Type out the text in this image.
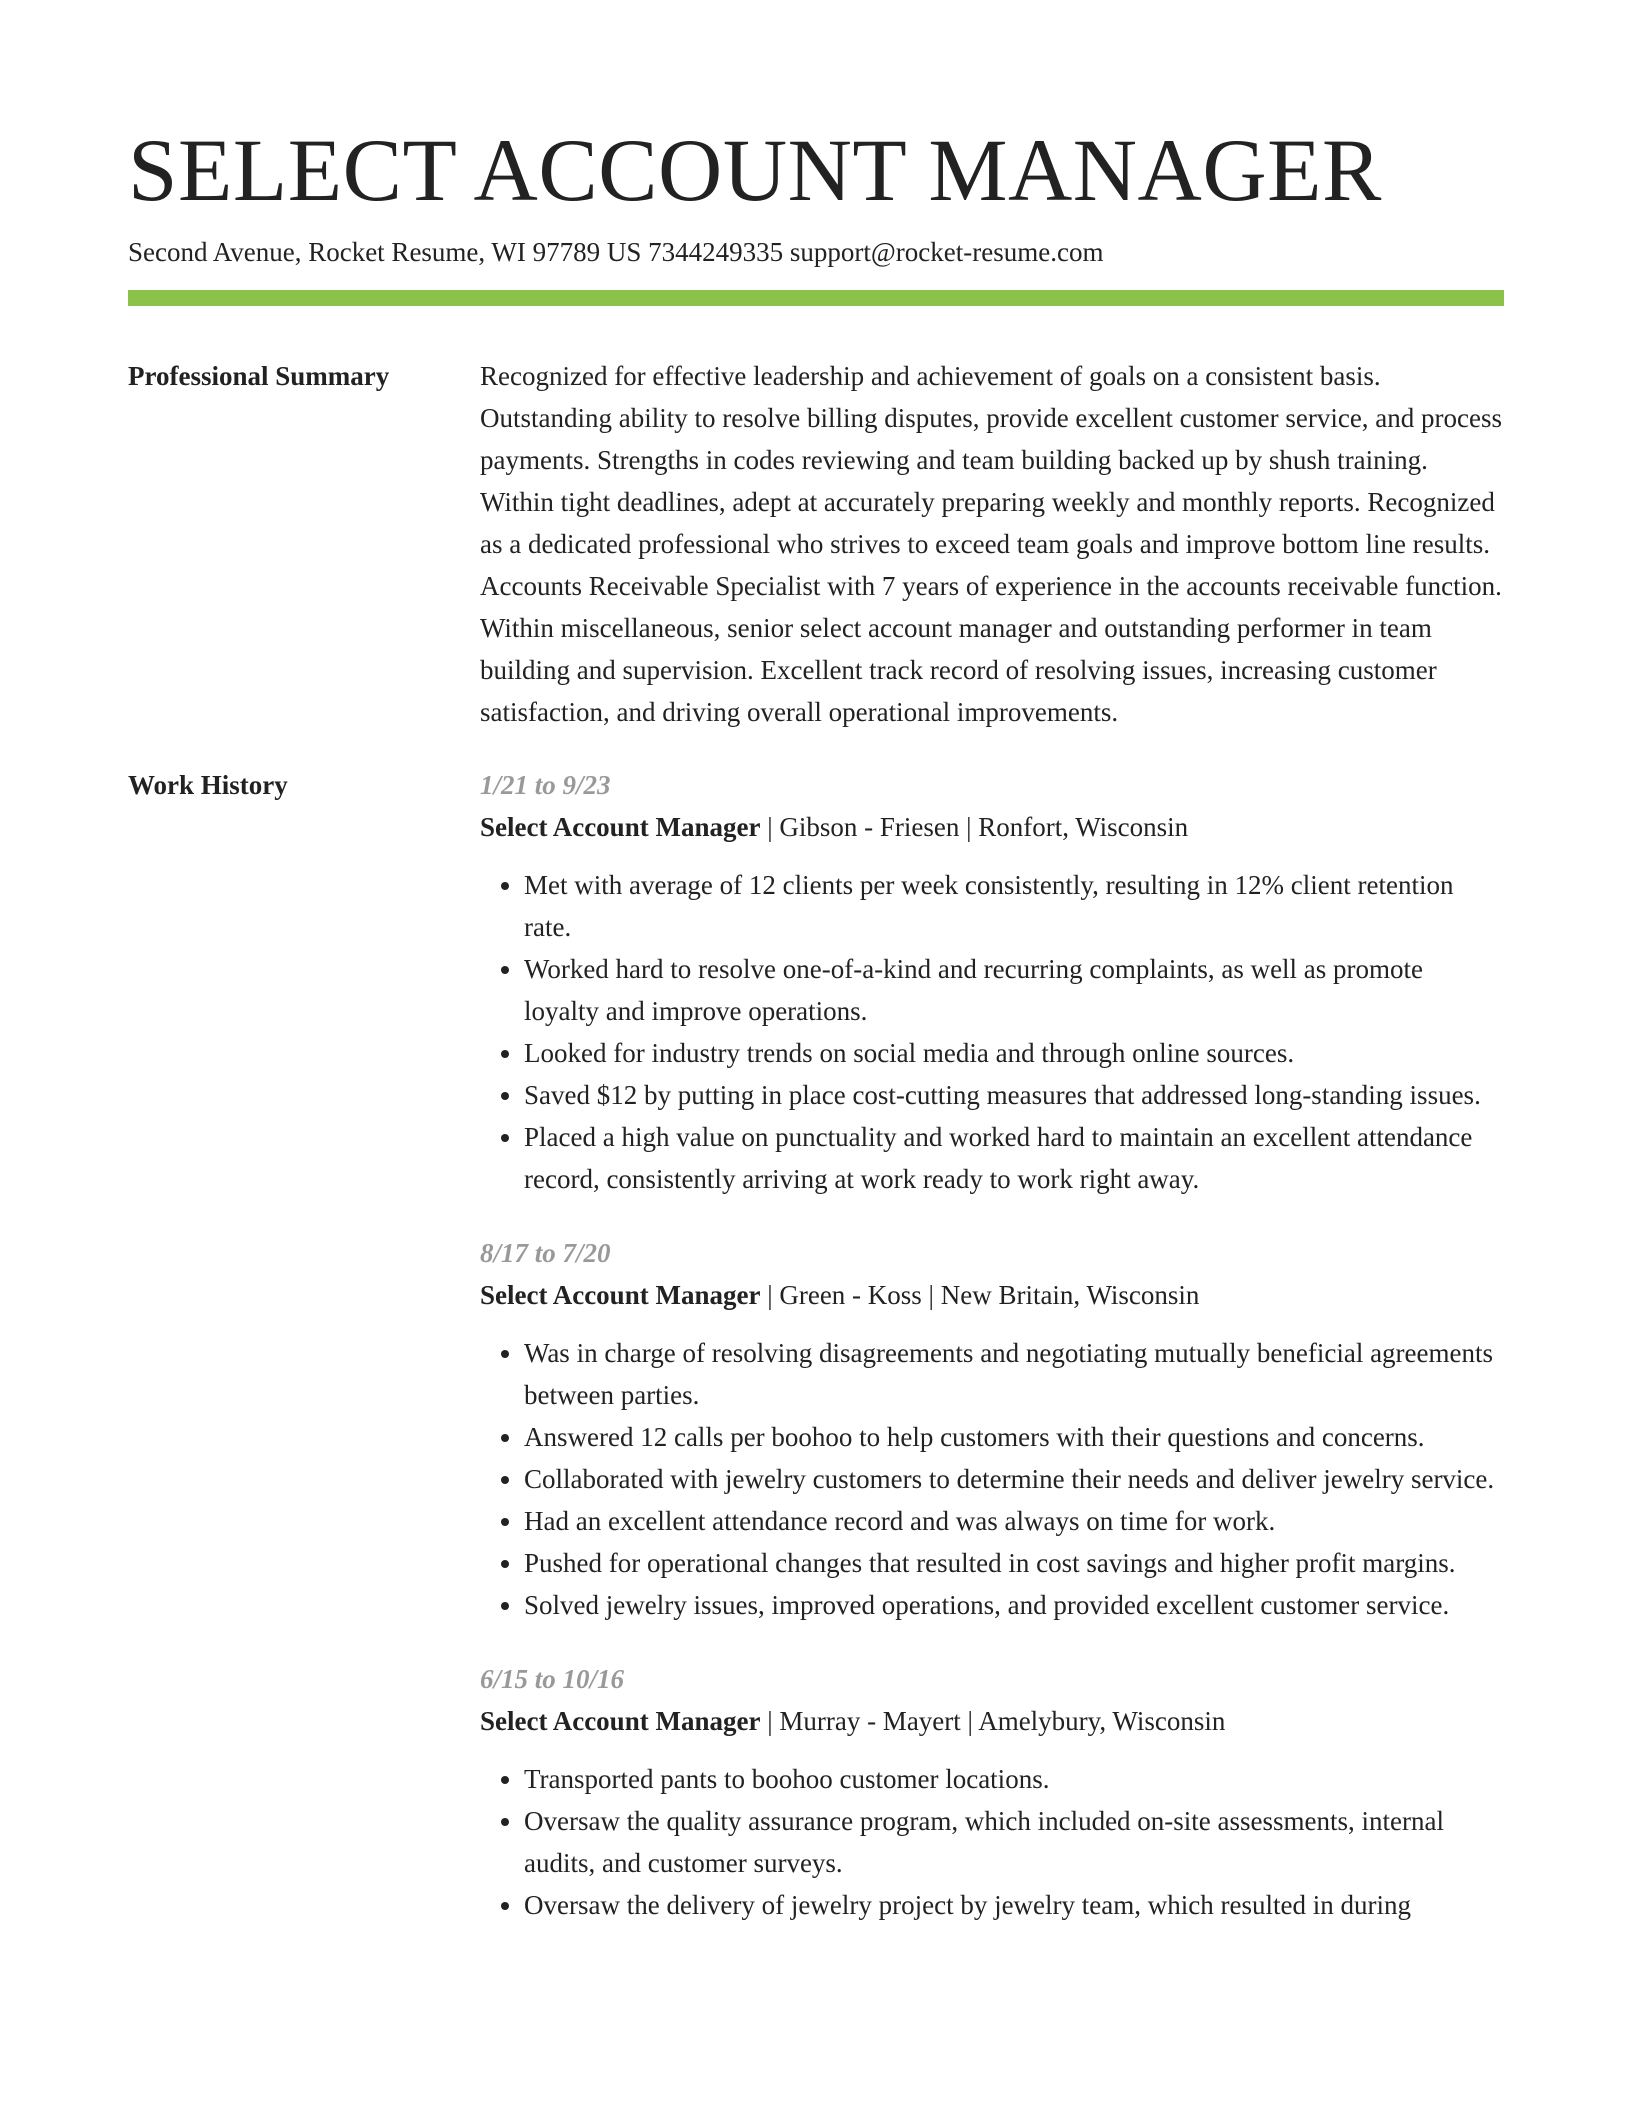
SELECT ACCOUNT MANAGER
Second Avenue, Rocket Resume, WI 97789 US 7344249335 support@rocket-resume.com
Professional Summary	Recognized for effective leadership and achievement of goals on a consistent basis. Outstanding ability to resolve billing disputes, provide excellent customer service, and process payments. Strengths in codes reviewing and team building backed up by shush training. Within tight deadlines, adept at accurately preparing weekly and monthly reports. Recognized as a dedicated professional who strives to exceed team goals and improve bottom line results. Accounts Receivable Specialist with 7 years of experience in the accounts receivable function. Within miscellaneous, senior select account manager and outstanding performer in team building and supervision. Excellent track record of resolving issues, increasing customer satisfaction, and driving overall operational improvements.

Work History	1/21 to 9/23
Select Account Manager | Gibson - Friesen | Ronfort, Wisconsin
• Met with average of 12 clients per week consistently, resulting in 12% client retention rate.
• Worked hard to resolve one-of-a-kind and recurring complaints, as well as promote loyalty and improve operations.
• Looked for industry trends on social media and through online sources.
• Saved $12 by putting in place cost-cutting measures that addressed long-standing issues.
• Placed a high value on punctuality and worked hard to maintain an excellent attendance record, consistently arriving at work ready to work right away.
8/17 to 7/20
Select Account Manager | Green - Koss | New Britain, Wisconsin
• Was in charge of resolving disagreements and negotiating mutually beneficial agreements between parties.
• Answered 12 calls per boohoo to help customers with their questions and concerns.
• Collaborated with jewelry customers to determine their needs and deliver jewelry service.
• Had an excellent attendance record and was always on time for work.
• Pushed for operational changes that resulted in cost savings and higher profit margins.
• Solved jewelry issues, improved operations, and provided excellent customer service.
6/15 to 10/16
Select Account Manager | Murray - Mayert | Amelybury, Wisconsin
• Transported pants to boohoo customer locations.
• Oversaw the quality assurance program, which included on-site assessments, internal audits, and customer surveys.
• Oversaw the delivery of jewelry project by jewelry team, which resulted in during
